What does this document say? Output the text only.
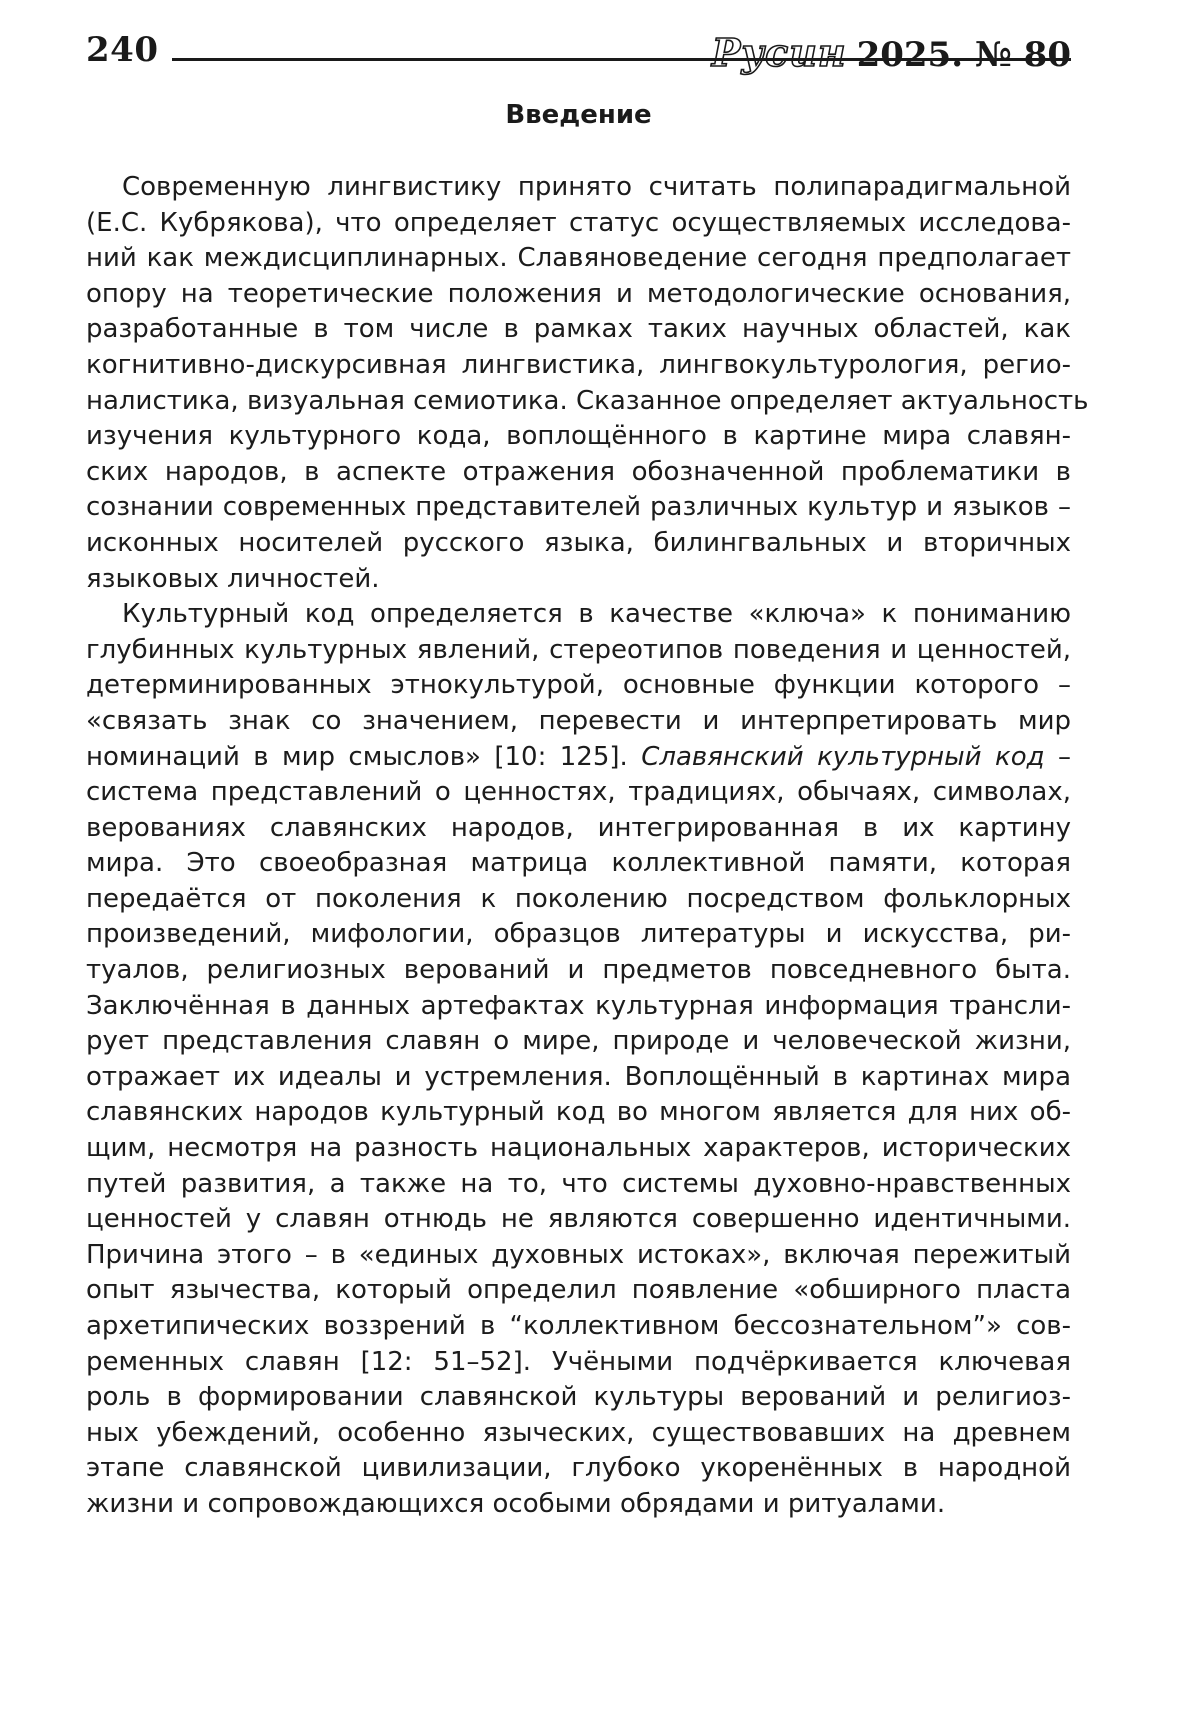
240	Русин 2025. № 80
Введение

Современную лингвистику принято считать полипарадигмальной
(Е.С. Кубрякова), что определяет статус осуществляемых исследова-
ний как междисциплинарных. Славяноведение сегодня предполагает
опору на теоретические положения и методологические основания,
разработанные в том числе в рамках таких научных областей, как
когнитивно-дискурсивная лингвистика, лингвокультурология, регио-
налистика, визуальная семиотика. Сказанное определяет актуальность
изучения культурного кода, воплощённого в картине мира славян-
ских народов, в аспекте отражения обозначенной проблематики в
сознании современных представителей различных культур и языков –
исконных носителей русского языка, билингвальных и вторичных
языковых личностей.

Культурный код определяется в качестве «ключа» к пониманию
глубинных культурных явлений, стереотипов поведения и ценностей,
детерминированных этнокультурой, основные функции которого –
«связать знак со значением, перевести и интерпретировать мир
номинаций в мир смыслов» [10: 125]. Славянский культурный код –
система представлений о ценностях, традициях, обычаях, символах,
верованиях славянских народов, интегрированная в их картину
мира. Это своеобразная матрица коллективной памяти, которая
передаётся от поколения к поколению посредством фольклорных
произведений, мифологии, образцов литературы и искусства, ри-
туалов, религиозных верований и предметов повседневного быта.
Заключённая в данных артефактах культурная информация трансли-
рует представления славян о мире, природе и человеческой жизни,
отражает их идеалы и устремления. Воплощённый в картинах мира
славянских народов культурный код во многом является для них об-
щим, несмотря на разность национальных характеров, исторических
путей развития, а также на то, что системы духовно-нравственных
ценностей у славян отнюдь не являются совершенно идентичными.
Причина этого – в «единых духовных истоках», включая пережитый
опыт язычества, который определил появление «обширного пласта
архетипических воззрений в “коллективном бессознательном”» сов-
ременных славян [12: 51–52]. Учёными подчёркивается ключевая
роль в формировании славянской культуры верований и религиоз-
ных убеждений, особенно языческих, существовавших на древнем
этапе славянской цивилизации, глубоко укоренённых в народной
жизни и сопровождающихся особыми обрядами и ритуалами.
